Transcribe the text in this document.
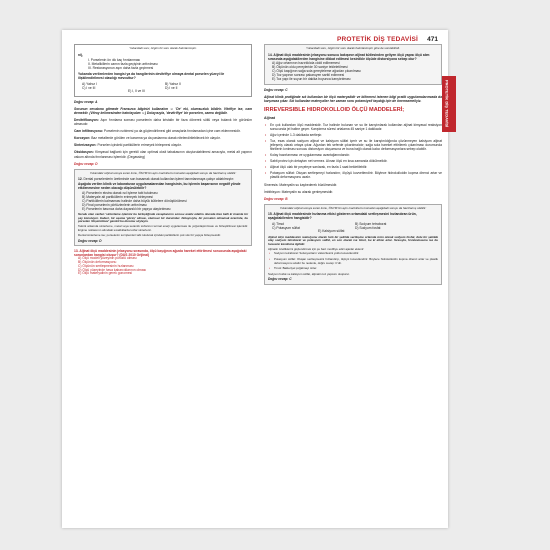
PROTETİK DİŞ TEDAVİSİ 471
PROTETİK DİŞ TEDAVİSİ
Yukarıdaki soru, özgün bir soru olarak hazırlanmıştır.
ni),
I. Porselenin ön ılık kaç fırınlanması
II. Metalikillerin camın fazla geçişinin arttırılması
III. Restorasyonun aşırı daha fazla geçirmesi
Yukarıda verilenlerden hangisi ya da hangilerinin devitrifiye olmaya dental porselen yüzeyi ile ilişkilendirilmesi olasılığı mevcuttur?
A) Yalnız I	B) Yalnız II
C) I ve III	D) I ve II
E) I, II ve III
Doğru cevap: A

Sorunun cevabına gitmede Fransızca bilginizi kullanalım ☺ 'De' eki, olumsuzluk bildirir. Vitrifiye ise, cam demektir. (Vitray kelimesinden hatırlayalım ☺) Dolayısıyla, 'devitrifiye' bir porselen, camsı değildir.

Devitrifikasyon: Aşırı fırınlama sonrası porselenin daha kristalin bir faza dönerek sütlü veya bulanık bir görünüm almasıdır.

Cam infiltrasyonu: Porselenin ısıtılmesi ya da güçlendirilmesi gibi amaçlarla fırınlamadan içine cam eklenmesidir.

Korozyon: Baz metallerde görülen ve kararma ya da paslanma olarak nitelendirilebilecek bir olaydır.

Sinterizasyon: Porselen içindeki partiküllerin erimeyek birleşmesi olaydır.

Oksidasyon: Kimyasal bağlantı için gerekli olan optimal oksit tabakasının oluşturulabilmesi amacıyla, metal alt yapının vakum altında fırınlanması işlemidir. (Degassing)

Doğru cevap: D
Yukarıdaki orijinal soruya soran konu, ÖSYM'nin aynı mantıkla bu konudan aşağıdaki soruyu da hazırlamış olabilir:
12. Dental porselenlerin üretiminde son basamak olarak kullanılan işlemi tanımlanmaya çalışır aldatılmıştır:
Aşağıda verilen klinik ve laboratuvar uygulamalarından hangisinin, bu işlemin başarısının negatif yönde etkilenmesine neden olacağı düşünülebilir?
A) Porselenin ekstra olarak ısıl işleme tabi tutulması
B) Materyale ait partiküllerin erimeyek birleşmesi
C) Partiküllerin kalmaması halinde daha büyük kütlelere dönüştürülmesi
D) Final porselenin pörtüzlenlerin arttırılması
E) Porselenin basınca daha dayanıklı bir yapıya ulaştırılması
Sorulu olan verilen 'sinterleme işlemini bu birleştiğinde cevaplanırını sorusu analiz edelim. Burada bize belli ki önemle bir şey konuluyor. Haburi, bir aşama 'görüş' olması, olumsuz bir durumdur. Dolayısıyla, bir porselen olmamak üzerinde, bu porselen 'düşünülmez' gerekti bu durumu söyleyin.
Teknik anlamda sinterleme, metal veya seramik tozlarının termal enerji uygulanması ile yoğunlaştırılması ve birleştirilmesi işlemidir. Ergime noktasının altındaki sıcaklıklarda tozlar sinterlenir.
Dental sinterleme ise; porselenin sol işlemleri tabi tutulurak içindeki partiküllerin çok sıkı bir yapıya birleşmesidir.
Doğru cevap: D
13. Aljinat ölçü maddesinin jelasyonu sırasında, ölçü kaşığının ağızda hareket ettirilmesi sonucunda aşağıdaki sorunlardan hangisi oluşur? (DUS 2010 Orijinal)
A) Ölçü modeli yüzeyinin pürüzlü olması
B) Ölçünün deformasyonu
C) Ölçünün sertleşmesinin hızlanması
D) Ölçü yüzeyinde hava kabarcıklarının olması
E) Ölçü materyalinin gerek gonomesi
Yukarıdaki soru, özgün bir soru olarak hazırlanmıştır göre de sorulabilirdi.
14. Aljinat ölçü maddesinin jelasyonu sonucu bakışının aljinat kütlesinden geliyen ölçü yapısı ölçü alım sırasında aşağıdakilerden hangisine dikkat edilmesi kesinlikle ölçüde distorsiyona sebep olur?
A) Ağız ortamının hazırlıklıda ciddi edilmemesi
B) Ölçünün oldu pereyleride 30 saniye tekleletilmesi
C) Ölçü kaşığının sağa sola gereyleleme ağızdan çıkarılması
D) Toz yapının sonrası pakaruyen sartlıl edinmesi
E) Toz yapı ile suyun bir dakika boyunca karıştırılması
Doğru cevap: C

Aljinat klinik pratiğinde sık kullanılan bir ölçü materyalidir ve bilinmesi istenen bilgi pratik uygulamalarımızda da karşımıza çıkar. Sık kullanılan materyaller her zaman soru potansiyeli taşıdığı için de önemsemeliyiz.

IRREVERSIBLE HIDROKOLLOID ÖLÇÜ MADDELERİ;
Aljinat
• En çok kullanılan ölçü maddesidir. Toz halinde bulunan ve su ile karıştırılarak kullanılan aljinat kimyasal reaksiyon sonucunda jel haline geçer. Karıştırma süresi ortalama 45 saniye 1 dakikadır.
• Ağız içerinde 1-3 dakikada sertleşir.
• Toz, esas olarak sodyum aljinat ve kalsiyum sülfat içerir ve su ile karıştırıldığında çözünmeyen kalsiyum aljinat jelleşmiş olarak ortaya çıkar. Ağızdan tek seferde çıkarılmalıdır; sağa sola hareket ettirilerek çıkarılması durumunda fibrillerin kırılması sonucu distorsiyon oluşumuna ve buna bağlı olarak kalıcı deformasyonlara sebep olabilir.
• Kolay hazırlanması ve uygulanması avantajlarındandır.
• Sabit protez için detayları net vermez. Alınan ölçü en kısa zamanda dökülmelidir.
• Aljinat ölçü olak bir peçeleye sarılarak, en fazla 1 saat bekletilebilir.
• Potasyum sülfat: Oluşan sertleşmeyi hızlandırır, ölçüyü kuvvetlendirir. Böylece hidrokolloidin kopma direnci artar ve plastik deformasyonu azalır.

Sineresis: Materyalin su kaybederek büzülmesidir.

İmbibisyon: Materyalin su alarak genleşmesidir.

Doğru cevap: B
Yukarıdaki orijinal soruya soran konu, ÖSYM'nin aynı mantıkla bu konudan aşağıdaki soruyu da hazırlamış olabilir:
15. Aljinat ölçü maddesinde hızlanma etkisi gösteren ortamdaki sertleşmesini hızlandıran ürün, aşağıdakilerden hangisidir?
A) Timol	B) Sodyum tetraborat
C) Potasyum sülfat	D) Sodyum fosfat
E) Kalsiyum sülfat
Aljinat ölçü maddesinin reaksiyonu olarak hızlı bir şekilde sertleşme ortamda ürün olarak sodyum fosfat, dolu bir şekilde olay sodyum tetraborat ve potasyum sülfat, en son olarak ise timol, bu ki etkisi artar. Sırasıyla, fırınlanmasına ise bu hususlar kendisine ilgilidir.
Aljinatin özelliklerini güçlendirmek için şu bazı modifiye edici ajanlar eklenir:
• Sodyum tetraborat: Solusyonların viskozitesini yoklu kuvvetlendirir.
• Potasyum sülfat: Oluşan sertleşmesini hızlandırıp, ölçüyü kuvvetlendirir. Böylece hidrokolloidin kopma direnci artar ve plastik deformasyonu azaltır bu nedenle, doğru cevap: C'dir.
• Timol: Bakteriyel çoğalmayı önler.
Sodyum fosfat ve kalsiyum sülfat, aljinatin toz yapısını oluşturur.
Doğru cevap: C
